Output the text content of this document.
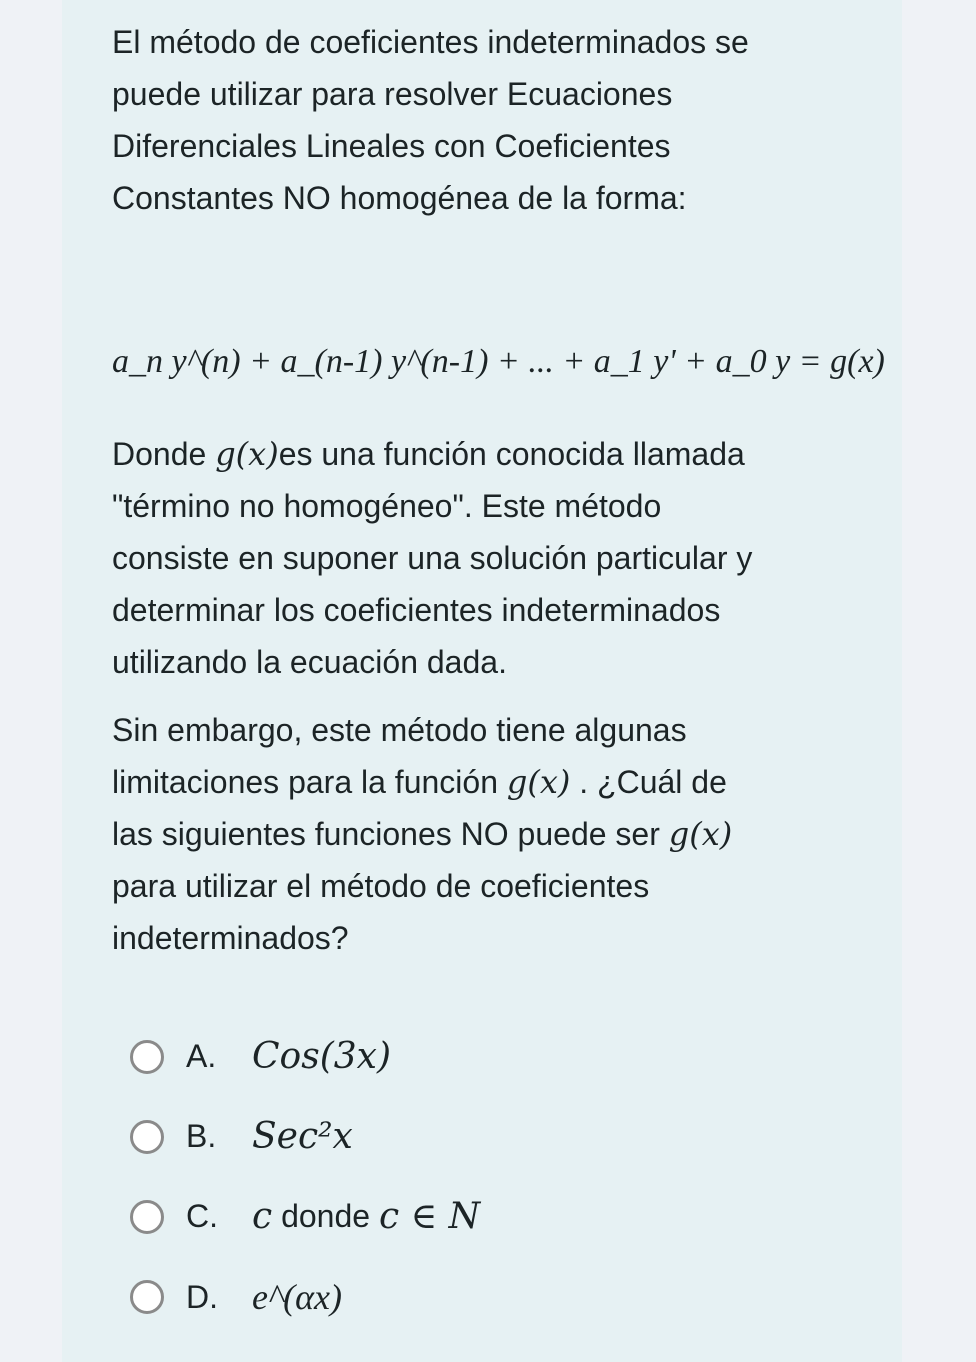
El método de coeficientes indeterminados se
puede utilizar para resolver Ecuaciones
Diferenciales Lineales con Coeficientes
Constantes NO homogénea de la forma:
a_n y^(n) + a_(n-1) y^(n-1) + ... + a_1 y' + a_0 y = g(x)
Donde g(x)es una función conocida llamada
"término no homogéneo". Este método
consiste en suponer una solución particular y
determinar los coeficientes indeterminados
utilizando la ecuación dada.
Sin embargo, este método tiene algunas
limitaciones para la función g(x) . ¿Cuál de
las siguientes funciones NO puede ser g(x)
para utilizar el método de coeficientes
indeterminados?
A. Cos(3x)
B. Sec²x
C. c donde c ∈ N
D. e^(αx)
